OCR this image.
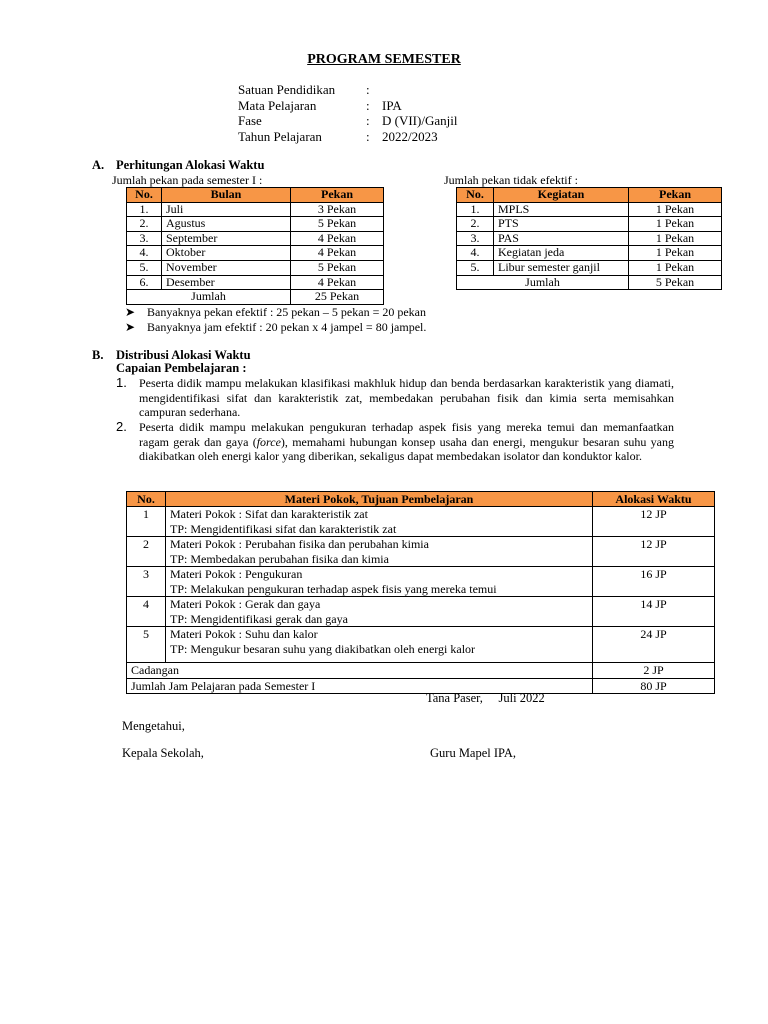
PROGRAM SEMESTER
Satuan Pendidikan :
Mata Pelajaran	: IPA
Fase	: D (VII)/Ganjil
Tahun Pelajaran	: 2022/2023
A. Perhitungan Alokasi Waktu
Jumlah pekan pada semester I :	Jumlah pekan tidak efektif :
No.	Bulan	Pekan
1.	Juli	3 Pekan
2.	Agustus	5 Pekan
3.	September	4 Pekan
4.	Oktober	4 Pekan
5.	November	5 Pekan
6.	Desember	4 Pekan
Jumlah		25 Pekan
No.	Kegiatan	Pekan
1.	MPLS	1 Pekan
2.	PTS	1 Pekan
3.	PAS	1 Pekan
4.	Kegiatan jeda	1 Pekan
5.	Libur semester ganjil	1 Pekan
Jumlah		5 Pekan
➤ Banyaknya pekan efektif : 25 pekan – 5 pekan = 20 pekan
➤ Banyaknya jam efektif : 20 pekan x 4 jampel = 80 jampel.
B. Distribusi Alokasi Waktu
Capaian Pembelajaran :
1. Peserta didik mampu melakukan klasifikasi makhluk hidup dan benda berdasarkan karakteristik yang diamati, mengidentifikasi sifat dan karakteristik zat, membedakan perubahan fisik dan kimia serta memisahkan campuran sederhana.
2. Peserta didik mampu melakukan pengukuran terhadap aspek fisis yang mereka temui dan memanfaatkan ragam gerak dan gaya (force), memahami hubungan konsep usaha dan energi, mengukur besaran suhu yang diakibatkan oleh energi kalor yang diberikan, sekaligus dapat membedakan isolator dan konduktor kalor.
No.	Materi Pokok, Tujuan Pembelajaran	Alokasi Waktu
1	Materi Pokok : Sifat dan karakteristik zat
TP: Mengidentifikasi sifat dan karakteristik zat	12 JP
2	Materi Pokok : Perubahan fisika dan perubahan kimia
TP: Membedakan perubahan fisika dan kimia	12 JP
3	Materi Pokok : Pengukuran
TP: Melakukan pengukuran terhadap aspek fisis yang mereka temui	16 JP
4	Materi Pokok : Gerak dan gaya
TP: Mengidentifikasi gerak dan gaya	14 JP
5	Materi Pokok : Suhu dan kalor
TP: Mengukur besaran suhu yang diakibatkan oleh energi kalor	24 JP
Cadangan		2 JP
Jumlah Jam Pelajaran pada Semester I		80 JP
Tana Paser,     Juli 2022
Mengetahui,
Kepala Sekolah,	Guru Mapel IPA,
